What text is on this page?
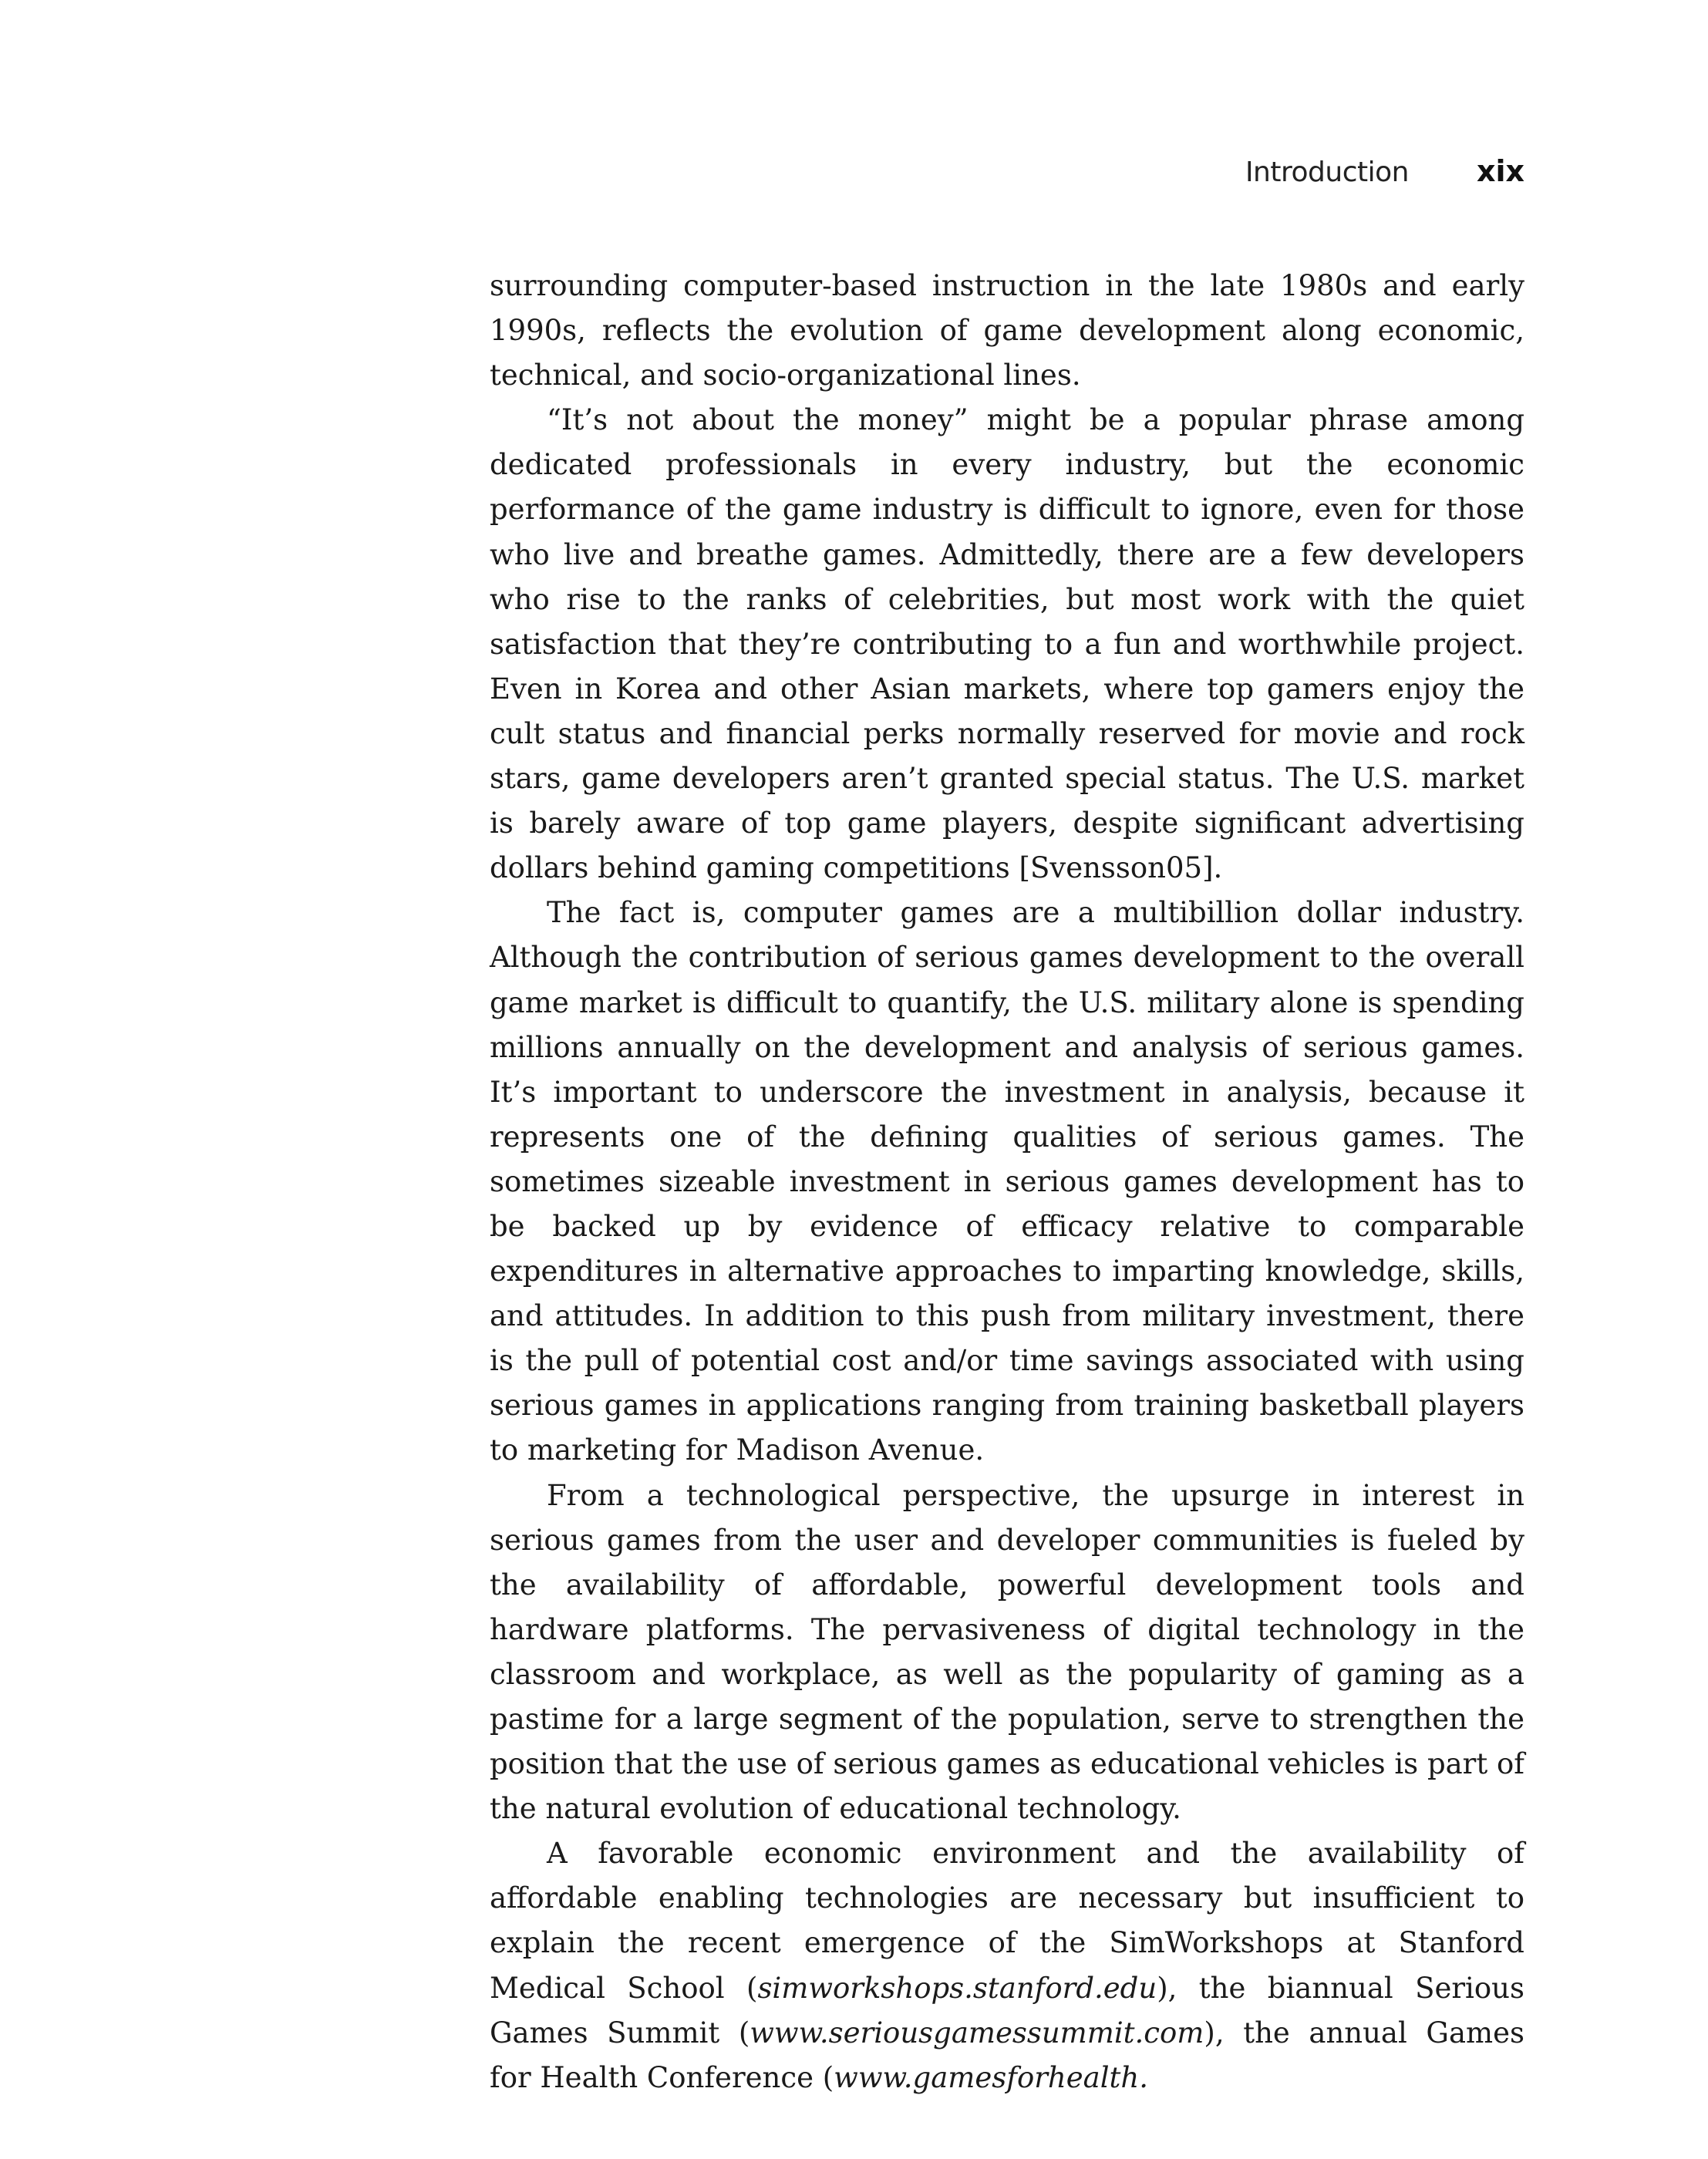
Introduction xix

surrounding computer-based instruction in the late 1980s and early 1990s, reflects the evolution of game development along economic, technical, and socio-organizational lines.

“It’s not about the money” might be a popular phrase among dedicated professionals in every industry, but the economic performance of the game industry is difficult to ignore, even for those who live and breathe games. Admittedly, there are a few developers who rise to the ranks of celebrities, but most work with the quiet satisfaction that they’re contributing to a fun and worthwhile project. Even in Korea and other Asian markets, where top gamers enjoy the cult status and financial perks normally reserved for movie and rock stars, game developers aren’t granted special status. The U.S. market is barely aware of top game players, despite significant advertising dollars behind gaming competitions [Svensson05].

The fact is, computer games are a multibillion dollar industry. Although the contribution of serious games development to the overall game market is difficult to quantify, the U.S. military alone is spending millions annually on the development and analysis of serious games. It’s important to underscore the investment in analysis, because it represents one of the defining qualities of serious games. The sometimes sizeable investment in serious games development has to be backed up by evidence of efficacy relative to comparable expenditures in alternative approaches to imparting knowledge, skills, and attitudes. In addition to this push from military investment, there is the pull of potential cost and/or time savings associated with using serious games in applications ranging from training basketball players to marketing for Madison Avenue.

From a technological perspective, the upsurge in interest in serious games from the user and developer communities is fueled by the availability of affordable, powerful development tools and hardware platforms. The pervasiveness of digital technology in the classroom and workplace, as well as the popularity of gaming as a pastime for a large segment of the population, serve to strengthen the position that the use of serious games as educational vehicles is part of the natural evolution of educational technology.

A favorable economic environment and the availability of affordable enabling technologies are necessary but insufficient to explain the recent emergence of the SimWorkshops at Stanford Medical School (simworkshops.stanford.edu), the biannual Serious Games Summit (www.seriousgamessummit.com), the annual Games for Health Conference (www.gamesforhealth.
